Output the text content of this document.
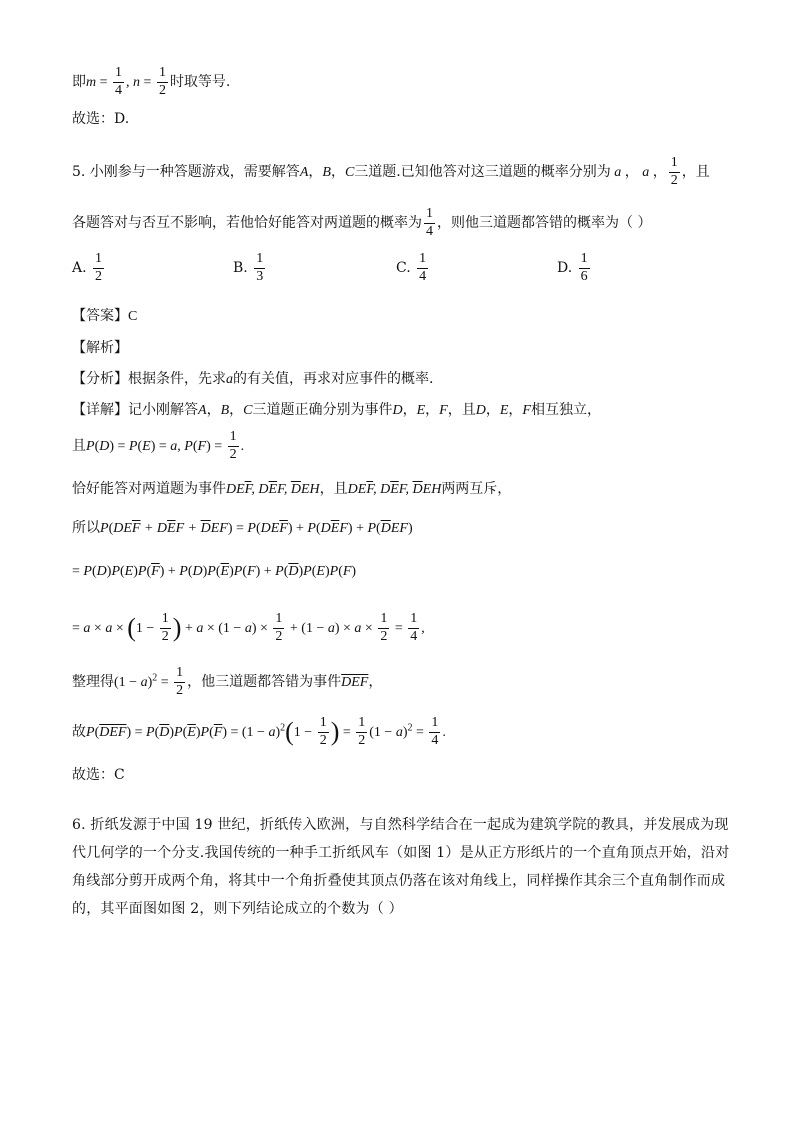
即$m = \frac{1}{4}$ , $n = \frac{1}{2}$ 时取等号.
故选：D.
5. 小刚参与一种答题游戏，需要解答A，B，C三道题.已知他答对这三道题的概率分别为 a ， a ， $\frac{1}{2}$ ，且
各题答对与否互不影响，若他恰好能答对两道题的概率为 $\frac{1}{4}$ ，则他三道题都答错的概率为（ ）
A. $\frac{1}{2}$	B. $\frac{1}{3}$	C. $\frac{1}{4}$	D. $\frac{1}{6}$
【答案】C
【解析】
【分析】根据条件，先求a的有关值，再求对应事件的概率.
【详解】记小刚解答A，B，C三道题正确分别为事件D，E，F，且D，E，F相互独立，
且P(D) = P(E) = a, $P(F) = \frac{1}{2}$ .
恰好能答对两道题为事件$DE\overline{F}$, $D\overline{E}F$, $\overline{D}EH$，且$DE\overline{F}$, $D\overline{E}F$, $\overline{D}EH$两两互斥，
所以$P(DE\overline{F} + D\overline{E}F + \overline{D}EF) = P(DE\overline{F}) + P(D\overline{E}F) + P(\overline{D}EF)$
= $P(D)P(E)P(\overline{F}) + P(D)P(\overline{E})P(F) + P(\overline{D})P(E)P(F)$
= $a \times a \times (1 - \frac{1}{2}$ ) + $a \times (1 - a) \times \frac{1}{2} + (1 - a) \times a \times \frac{1}{2} = \frac{1}{4}$ ,
整理得$(1 - a)^2 = \frac{1}{2}$ ，他三道题都答错为事件$\overline{DEF}$，
故$P(\overline{DEF}) = P(\overline{D})P(\overline{E})P(\overline{F}) = (1 - a)^2(1 - \frac{1}{2}$ ) = $\frac{1}{2} (1 - a)^2 = \frac{1}{4}$ .
故选：C
6. 折纸发源于中国 19 世纪，折纸传入欧洲，与自然科学结合在一起成为建筑学院的教具，并发展成为现
代几何学的一个分支.我国传统的一种手工折纸风车（如图 1）是从正方形纸片的一个直角顶点开始，沿对
角线部分剪开成两个角，将其中一个角折叠使其顶点仍落在该对角线上，同样操作其余三个直角制作而成
的，其平面图如图 2，则下列结论成立的个数为（ ）
